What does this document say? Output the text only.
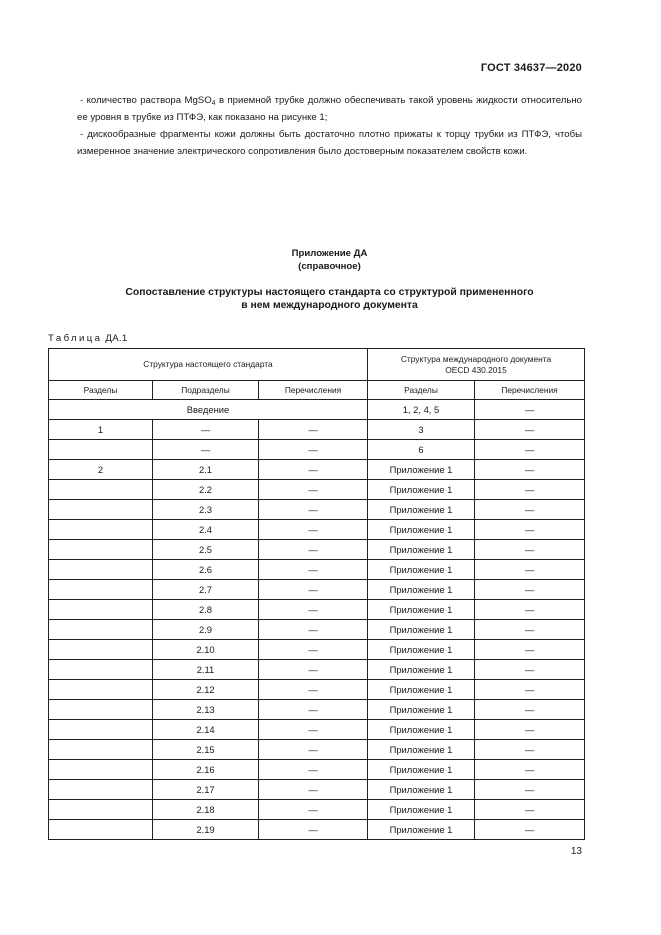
ГОСТ 34637—2020

- количество раствора MgSO$_4$ в приемной трубке должно обеспечивать такой уровень жидкости относительно ее уровня в трубке из ПТФЭ, как показано на рисунке 1;

- дискообразные фрагменты кожи должны быть достаточно плотно прижаты к торцу трубки из ПТФЭ, чтобы измеренное значение электрического сопротивления было достоверным показателем свойств кожи.

Приложение ДА
(справочное)
Сопоставление структуры настоящего стандарта со структурой примененного
в нем международного документа
Таблица ДА.1
Структура настоящего стандарта			Структура международного документа
OECD 430.2015	

Разделы	Подразделы	Перечисления	Разделы	Перечисления
Введение			1, 2, 4, 5	—
1	—	—	3	—
	—	—	6	—
2	2.1	—	Приложение 1	—
	2.2	—	Приложение 1	—
	2.3	—	Приложение 1	—
	2.4	—	Приложение 1	—
	2.5	—	Приложение 1	—
	2.6	—	Приложение 1	—
	2.7	—	Приложение 1	—
	2.8	—	Приложение 1	—
	2.9	—	Приложение 1	—
	2.10	—	Приложение 1	—
	2.11	—	Приложение 1	—
	2.12	—	Приложение 1	—
	2.13	—	Приложение 1	—
	2.14	—	Приложение 1	—
	2.15	—	Приложение 1	—
	2.16	—	Приложение 1	—
	2.17	—	Приложение 1	—
	2.18	—	Приложение 1	—
	2.19	—	Приложение 1	—
13
